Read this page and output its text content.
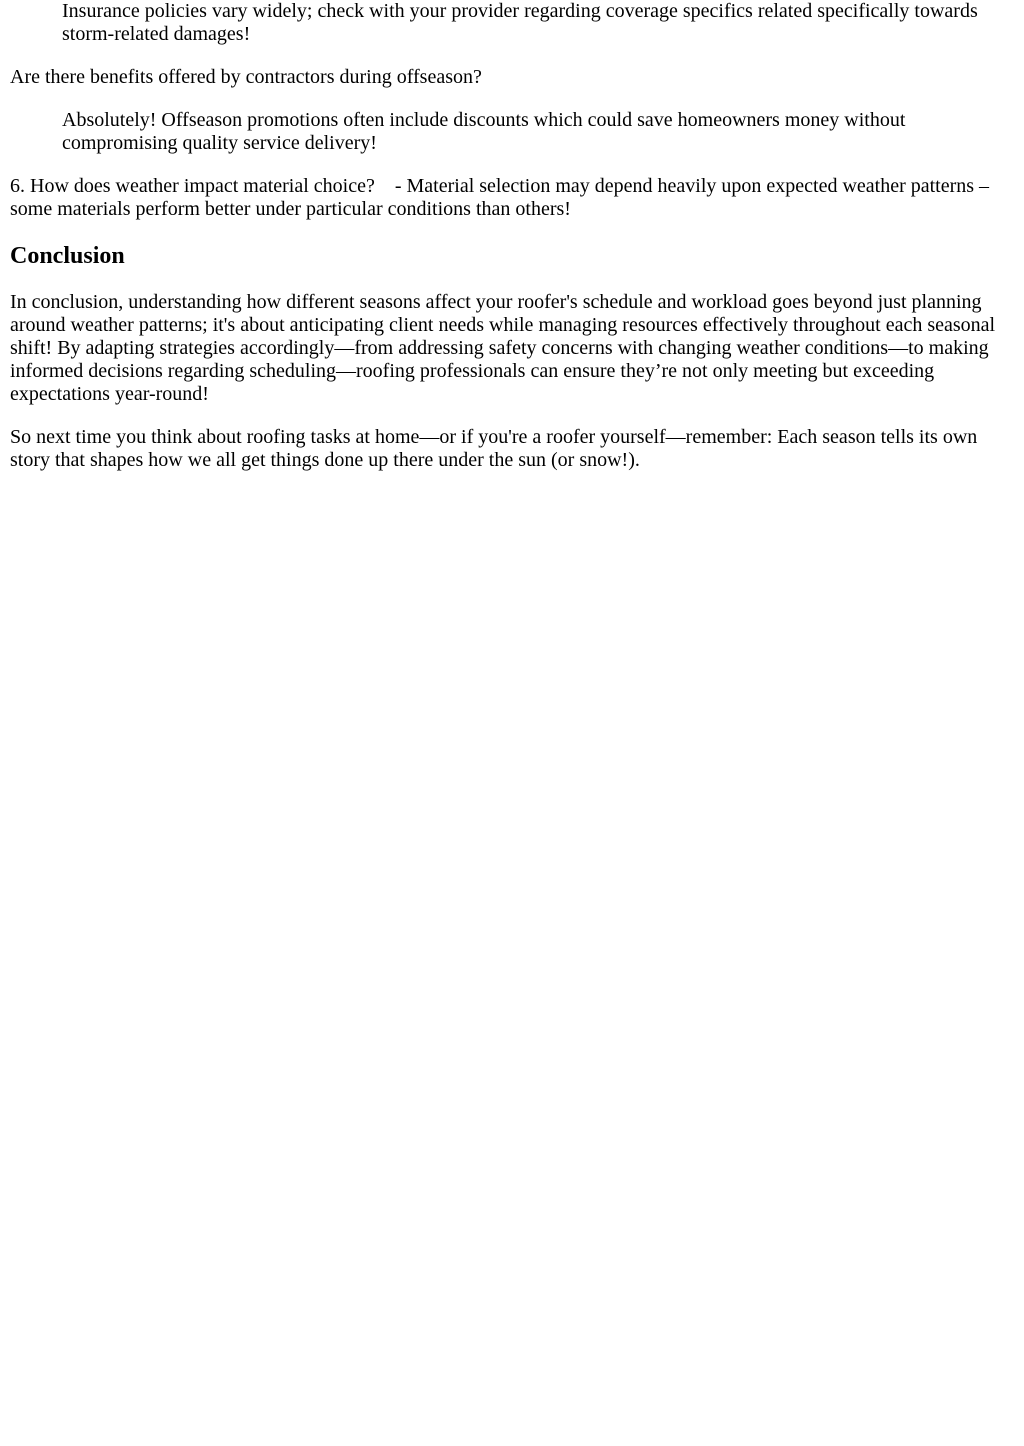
Insurance policies vary widely; check with your provider regarding coverage specifics related specifically towards storm-related damages!

Are there benefits offered by contractors during offseason?

Absolutely! Offseason promotions often include discounts which could save homeowners money without compromising quality service delivery!

6. How does weather impact material choice? - Material selection may depend heavily upon expected weather patterns – some materials perform better under particular conditions than others!

Conclusion

In conclusion, understanding how different seasons affect your roofer's schedule and workload goes beyond just planning around weather patterns; it's about anticipating client needs while managing resources effectively throughout each seasonal shift! By adapting strategies accordingly—from addressing safety concerns with changing weather conditions—to making informed decisions regarding scheduling—roofing professionals can ensure they’re not only meeting but exceeding expectations year-round!

So next time you think about roofing tasks at home—or if you're a roofer yourself—remember: Each season tells its own story that shapes how we all get things done up there under the sun (or snow!).
